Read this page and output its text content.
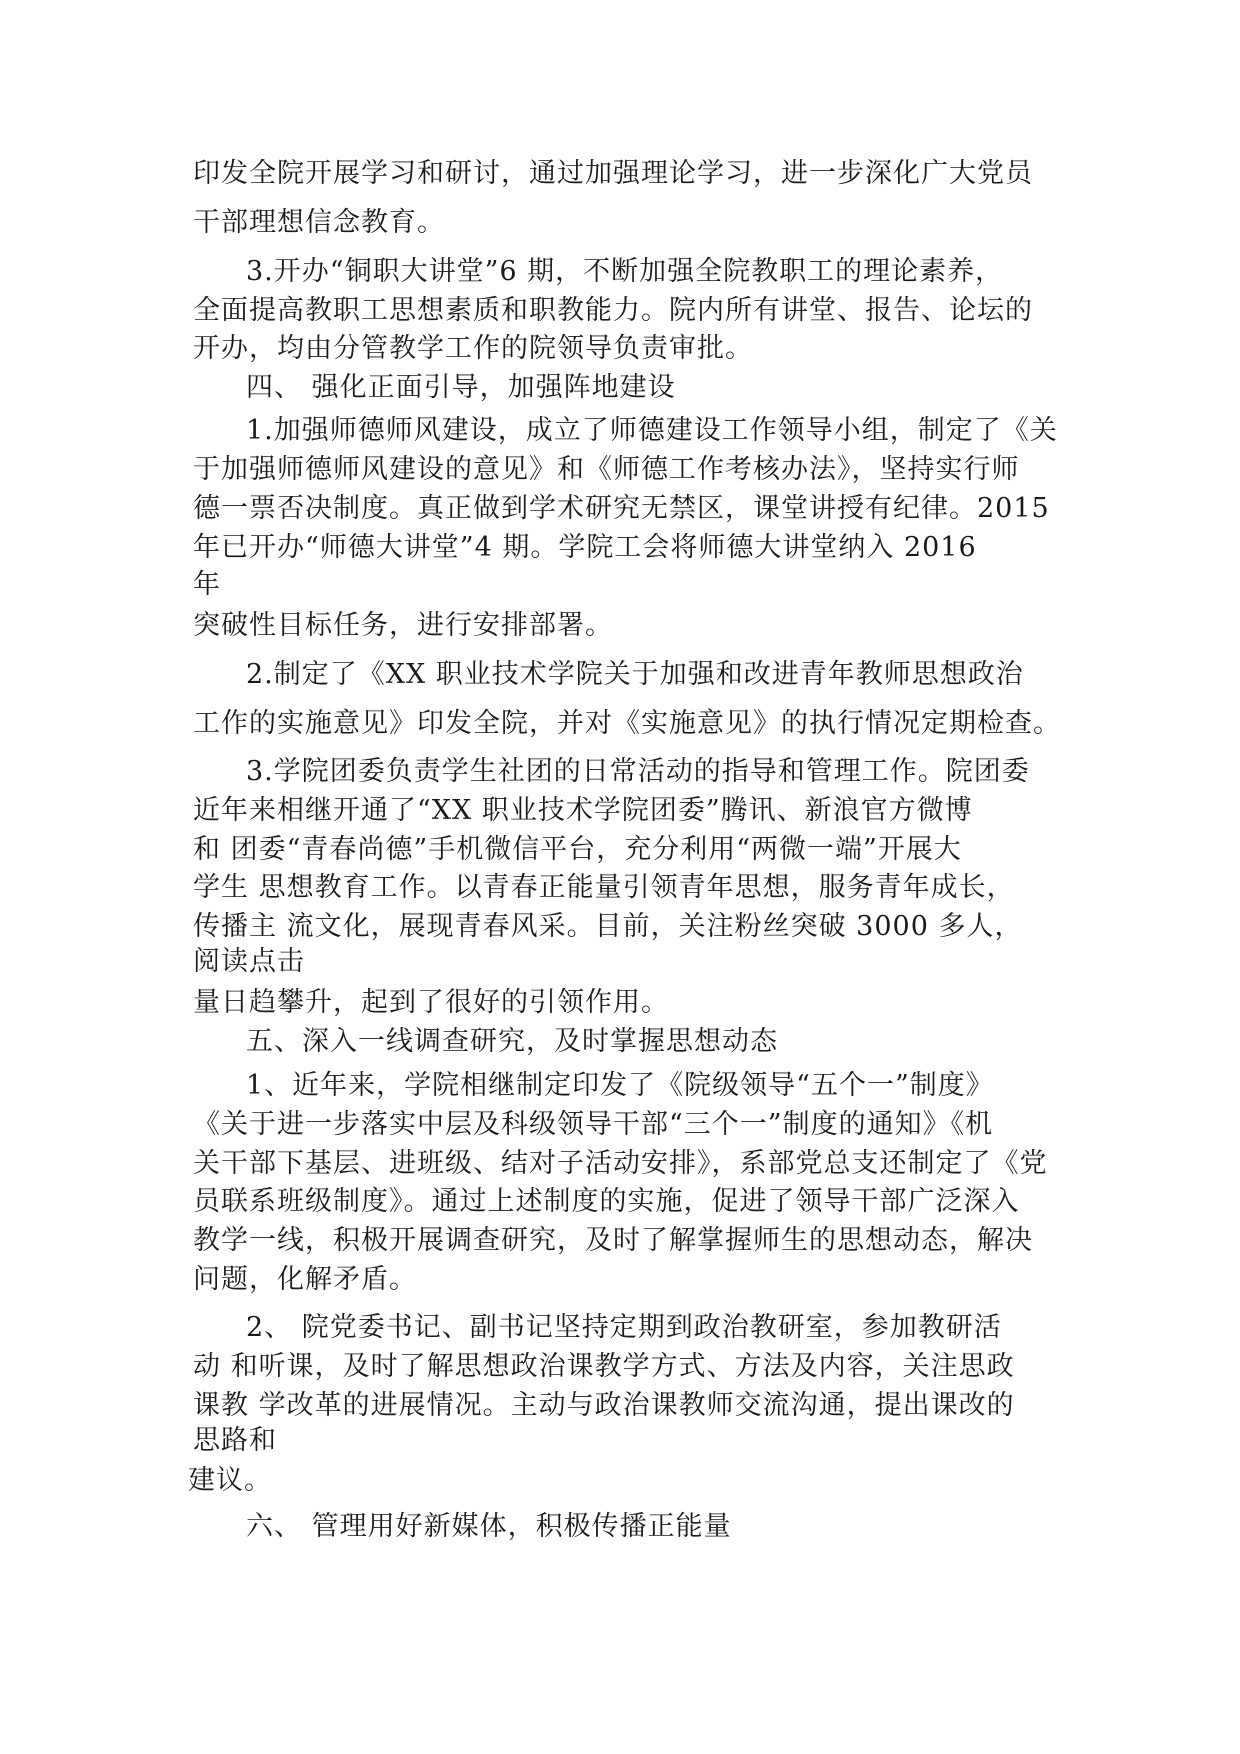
印发全院开展学习和研讨，通过加强理论学习，进一步深化广大党员
干部理想信念教育。
3.开办“铜职大讲堂”6 期，不断加强全院教职工的理论素养，
全面提高教职工思想素质和职教能力。院内所有讲堂、报告、论坛的
开办，均由分管教学工作的院领导负责审批。
四、 强化正面引导，加强阵地建设
1.加强师德师风建设，成立了师德建设工作领导小组，制定了《关
于加强师德师风建设的意见》和《师德工作考核办法》，坚持实行师
德一票否决制度。真正做到学术研究无禁区，课堂讲授有纪律。2015
年已开办“师德大讲堂”4 期。学院工会将师德大讲堂纳入 2016
年
突破性目标任务，进行安排部署。
2.制定了《XX 职业技术学院关于加强和改进青年教师思想政治
工作的实施意见》印发全院，并对《实施意见》的执行情况定期检查。
3.学院团委负责学生社团的日常活动的指导和管理工作。院团委
近年来相继开通了“XX 职业技术学院团委”腾讯、新浪官方微博
和 团委“青春尚德”手机微信平台，充分利用“两微一端”开展大
学生 思想教育工作。以青春正能量引领青年思想，服务青年成长，
传播主 流文化，展现青春风采。目前，关注粉丝突破 3000 多人，
阅读点击
量日趋攀升，起到了很好的引领作用。
五、深入一线调查研究，及时掌握思想动态
1、近年来，学院相继制定印发了《院级领导“五个一”制度》
《关于进一步落实中层及科级领导干部“三个一”制度的通知》《机
关干部下基层、进班级、结对子活动安排》，系部党总支还制定了《党
员联系班级制度》。通过上述制度的实施，促进了领导干部广泛深入
教学一线，积极开展调查研究，及时了解掌握师生的思想动态，解决
问题，化解矛盾。
2、 院党委书记、副书记坚持定期到政治教研室，参加教研活
动 和听课，及时了解思想政治课教学方式、方法及内容，关注思政
课教 学改革的进展情况。主动与政治课教师交流沟通，提出课改的
思路和
建议。
六、 管理用好新媒体，积极传播正能量
